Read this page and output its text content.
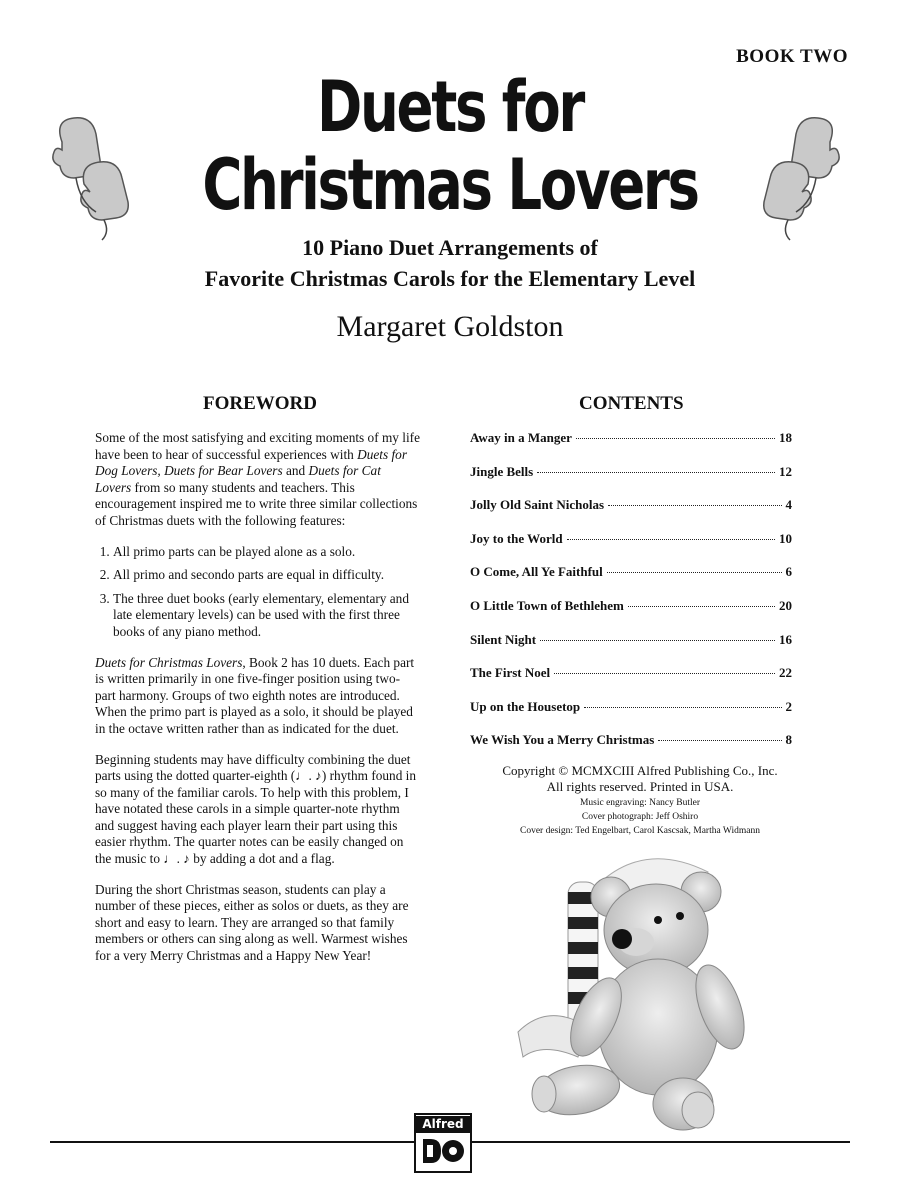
BOOK TWO
Duets for
Christmas Lovers
10 Piano Duet Arrangements of
Favorite Christmas Carols for the Elementary Level
Margaret Goldston
FOREWORD	CONTENTS

Some of the most satisfying and exciting moments of my life have been to hear of successful experiences with Duets for Dog Lovers, Duets for Bear Lovers and Duets for Cat Lovers from so many students and teachers. This encouragement inspired me to write three similar collections of Christmas duets with the following features:

1. All primo parts can be played alone as a solo.
2. All primo and secondo parts are equal in difficulty.
3. The three duet books (early elementary, elementary and late elementary levels) can be used with the first three books of any piano method.

Duets for Christmas Lovers, Book 2 has 10 duets. Each part is written primarily in one five-finger position using two-part harmony. Groups of two eighth notes are introduced. When the primo part is played as a solo, it should be played in the octave written rather than as indicated for the duet.

Beginning students may have difficulty combining the duet parts using the dotted quarter-eighth (♩. ♪) rhythm found in so many of the familiar carols. To help with this problem, I have notated these carols in a simple quarter-note rhythm and suggest having each player learn their part using this easier rhythm. The quarter notes can be easily changed on the music to ♩. ♪ by adding a dot and a flag.

During the short Christmas season, students can play a number of these pieces, either as solos or duets, as they are short and easy to learn. They are arranged so that family members or others can sing along as well. Warmest wishes for a very Merry Christmas and a Happy New Year!

Away in a Manger	18
Jingle Bells	12
Jolly Old Saint Nicholas	4
Joy to the World	10
O Come, All Ye Faithful	6
O Little Town of Bethlehem	20
Silent Night	16
The First Noel	22
Up on the Housetop	2
We Wish You a Merry Christmas	8
Copyright © MCMXCIII Alfred Publishing Co., Inc.
All rights reserved. Printed in USA.
Music engraving: Nancy Butler
Cover photograph: Jeff Oshiro
Cover design: Ted Engelbart, Carol Kascsak, Martha Widmann
Alfred
